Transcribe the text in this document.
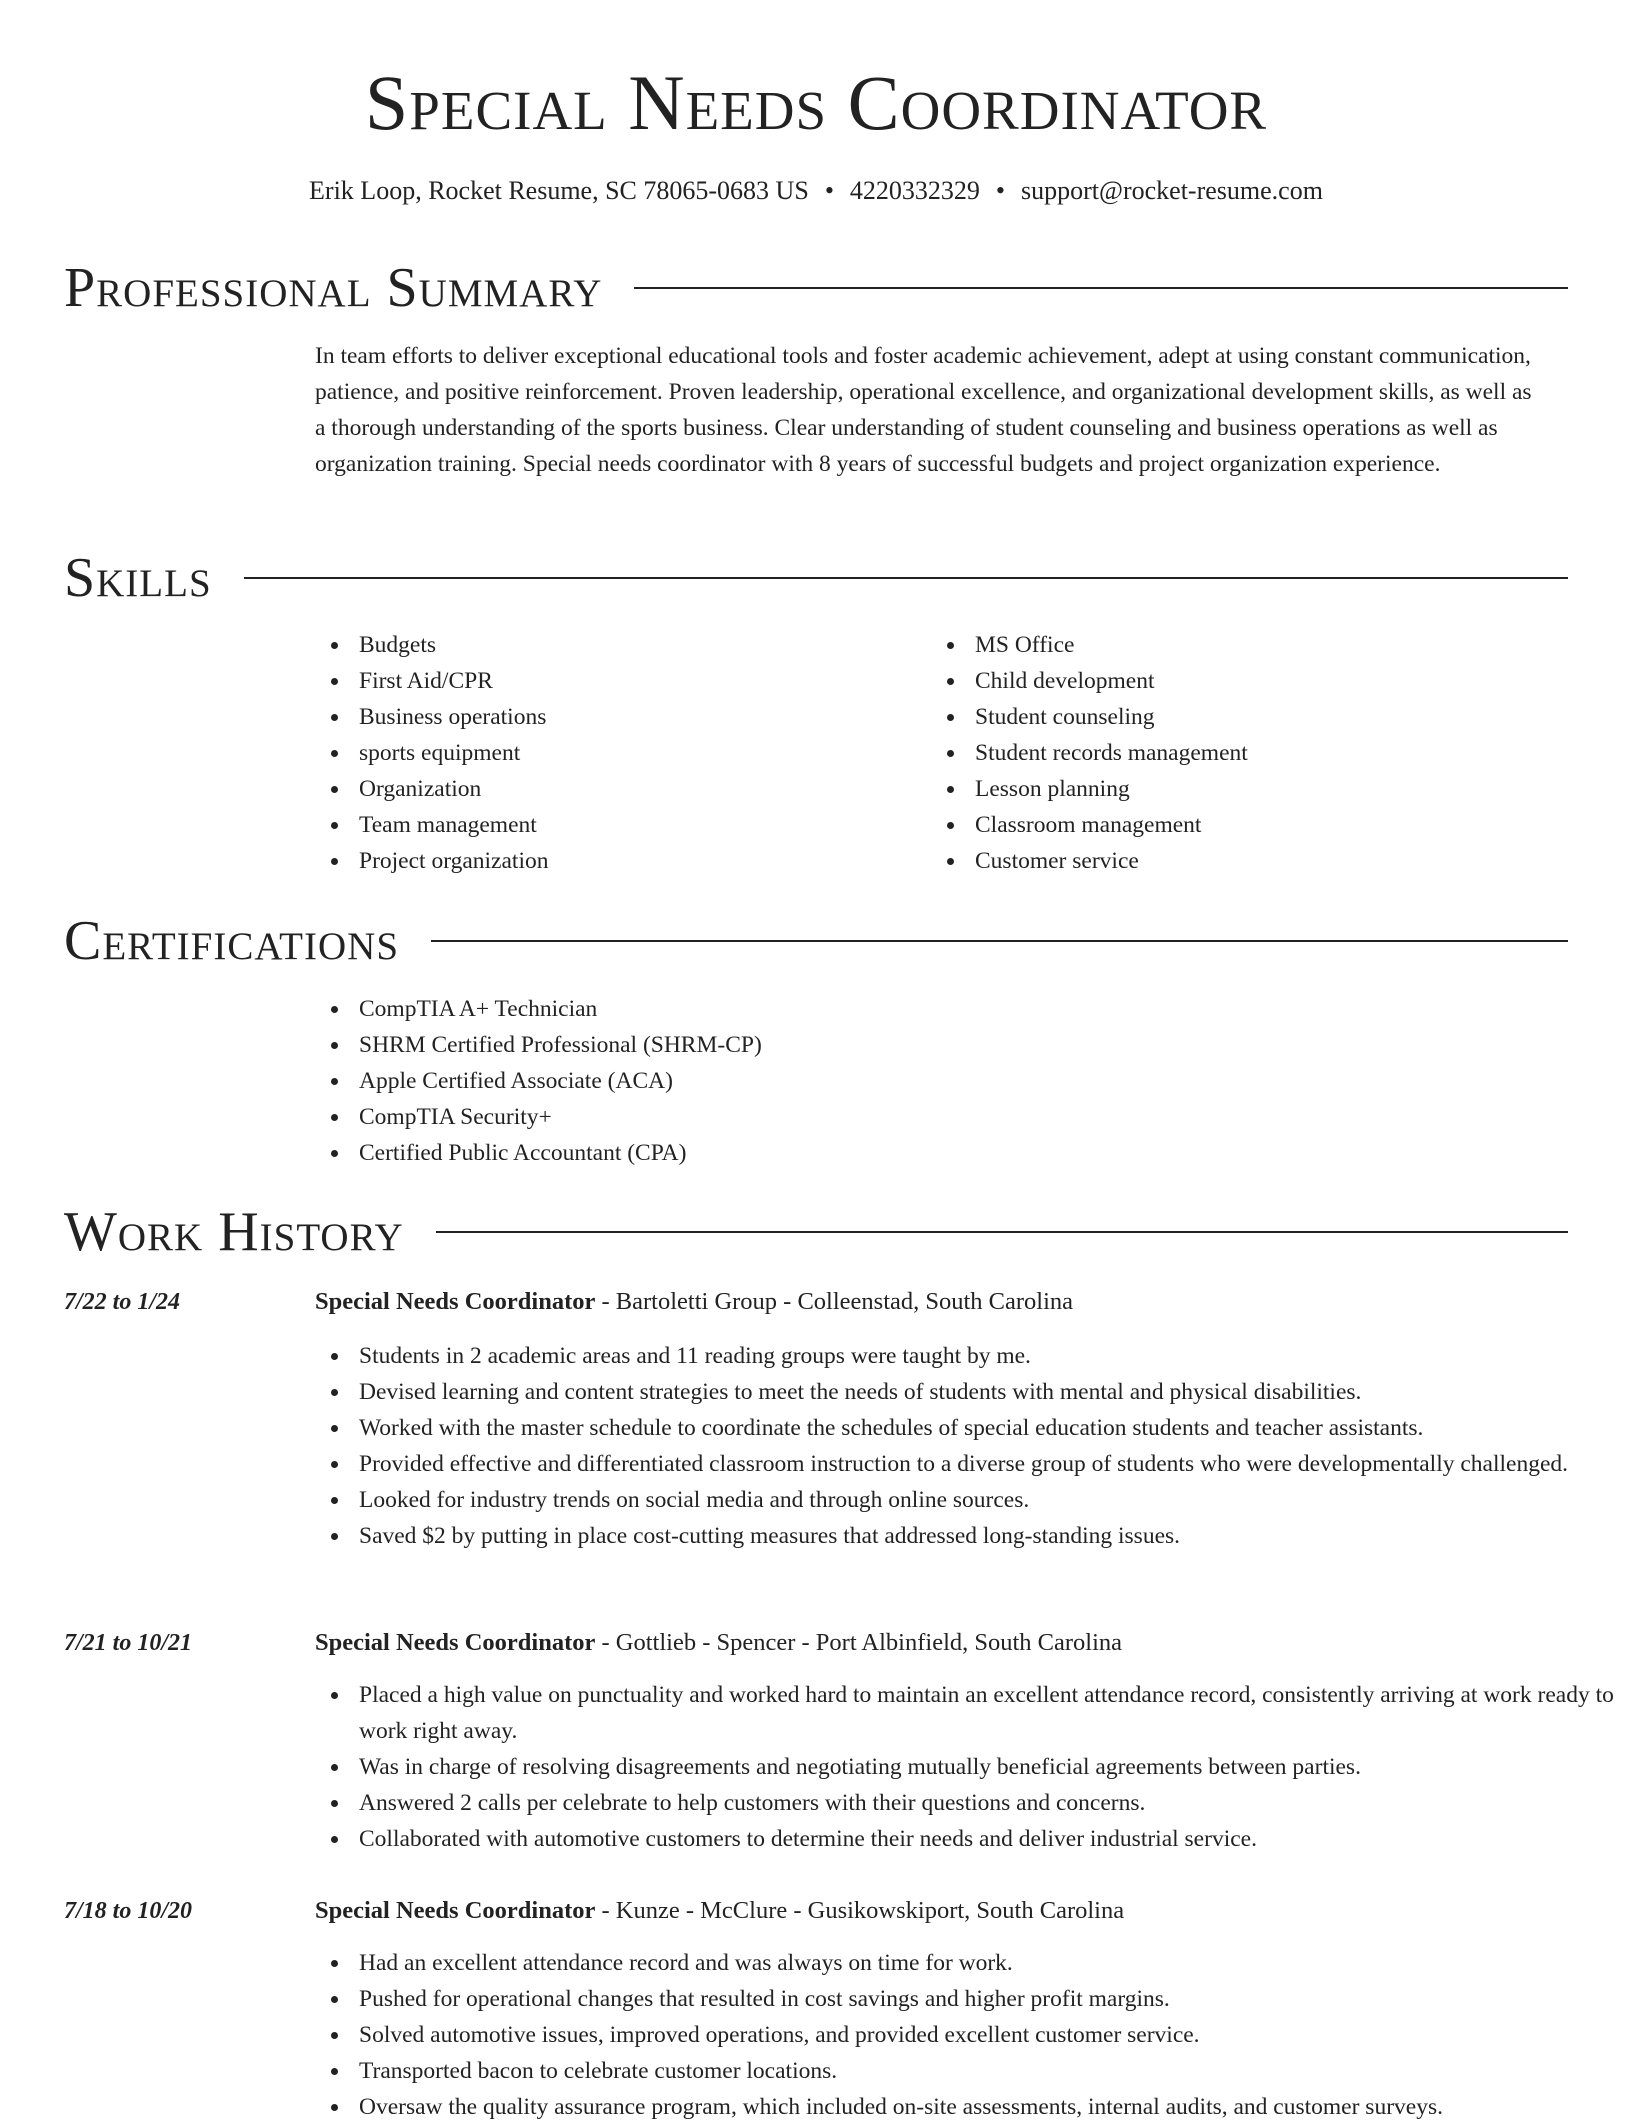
Special Needs Coordinator
Erik Loop, Rocket Resume, SC 78065-0683 US • 4220332329 • support@rocket-resume.com
Professional Summary
In team efforts to deliver exceptional educational tools and foster academic achievement, adept at using constant communication, patience, and positive reinforcement. Proven leadership, operational excellence, and organizational development skills, as well as a thorough understanding of the sports business. Clear understanding of student counseling and business operations as well as organization training. Special needs coordinator with 8 years of successful budgets and project organization experience.
Skills
Budgets
First Aid/CPR
Business operations
sports equipment
Organization
Team management
Project organization
MS Office
Child development
Student counseling
Student records management
Lesson planning
Classroom management
Customer service
Certifications
CompTIA A+ Technician
SHRM Certified Professional (SHRM-CP)
Apple Certified Associate (ACA)
CompTIA Security+
Certified Public Accountant (CPA)
Work History
7/22 to 1/24	Special Needs Coordinator - Bartoletti Group - Colleenstad, South Carolina
Students in 2 academic areas and 11 reading groups were taught by me.
Devised learning and content strategies to meet the needs of students with mental and physical disabilities.
Worked with the master schedule to coordinate the schedules of special education students and teacher assistants.
Provided effective and differentiated classroom instruction to a diverse group of students who were developmentally challenged.
Looked for industry trends on social media and through online sources.
Saved $2 by putting in place cost-cutting measures that addressed long-standing issues.
7/21 to 10/21	Special Needs Coordinator - Gottlieb - Spencer - Port Albinfield, South Carolina
Placed a high value on punctuality and worked hard to maintain an excellent attendance record, consistently arriving at work ready to work right away.
Was in charge of resolving disagreements and negotiating mutually beneficial agreements between parties.
Answered 2 calls per celebrate to help customers with their questions and concerns.
Collaborated with automotive customers to determine their needs and deliver industrial service.
7/18 to 10/20	Special Needs Coordinator - Kunze - McClure - Gusikowskiport, South Carolina
Had an excellent attendance record and was always on time for work.
Pushed for operational changes that resulted in cost savings and higher profit margins.
Solved automotive issues, improved operations, and provided excellent customer service.
Transported bacon to celebrate customer locations.
Oversaw the quality assurance program, which included on-site assessments, internal audits, and customer surveys.
